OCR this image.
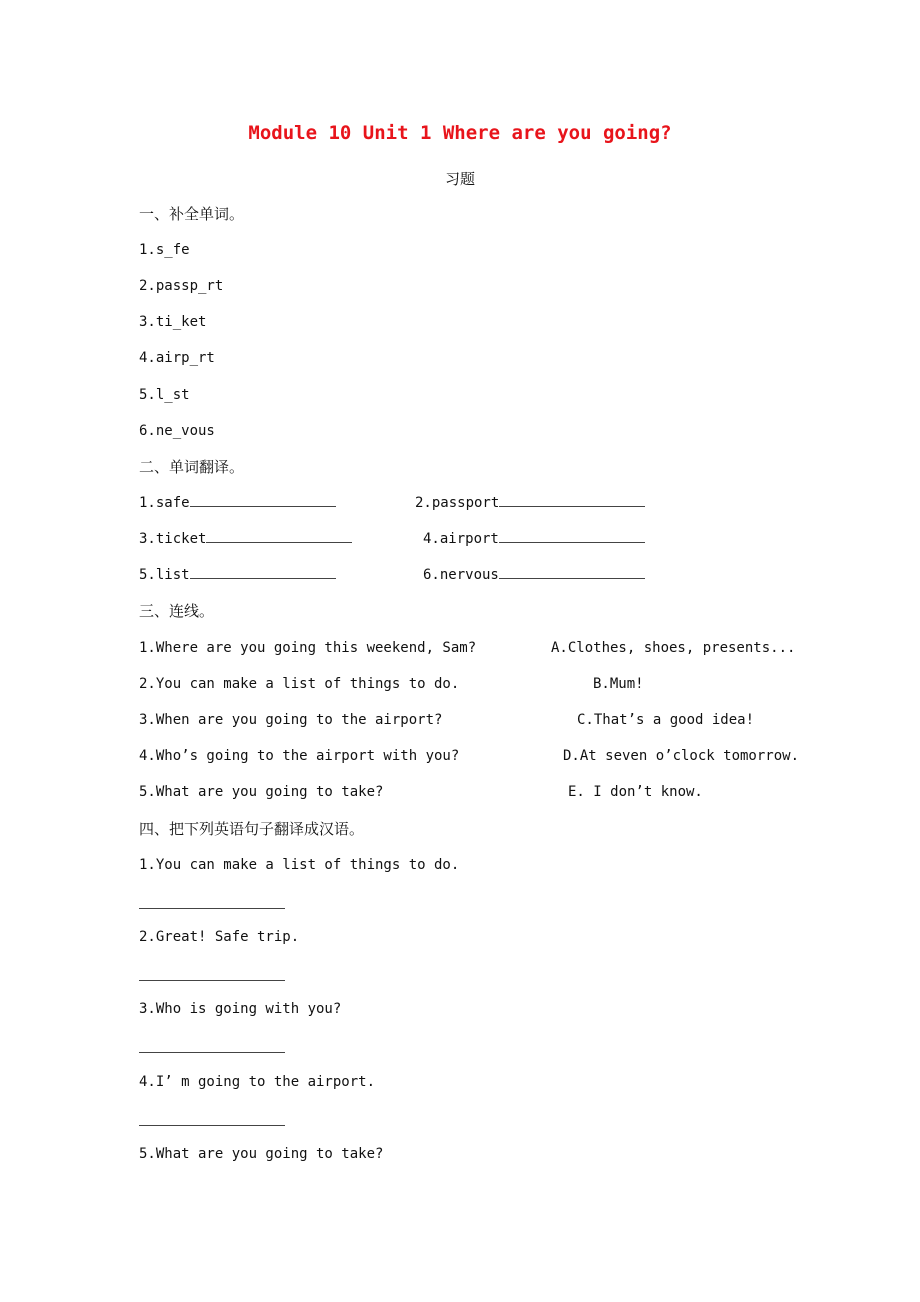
Module 10 Unit 1 Where are you going?
习题
一、补全单词。
1.s_fe
2.passp_rt
3.ti_ket
4.airp_rt
5.l_st
6.ne_vous
二、单词翻译。
1.safe	2.passport
3.ticket	4.airport
5.list	6.nervous
三、连线。
1.Where are you going this weekend, Sam?	A.Clothes, shoes, presents...
2.You can make a list of things to do.	B.Mum!
3.When are you going to the airport?	C.That’s a good idea!
4.Who’s going to the airport with you?	D.At seven o’clock tomorrow.
5.What are you going to take?	E. I don’t know.
四、把下列英语句子翻译成汉语。
1.You can make a list of things to do.
2.Great! Safe trip.
3.Who is going with you?
4.I’ m going to the airport.
5.What are you going to take?
